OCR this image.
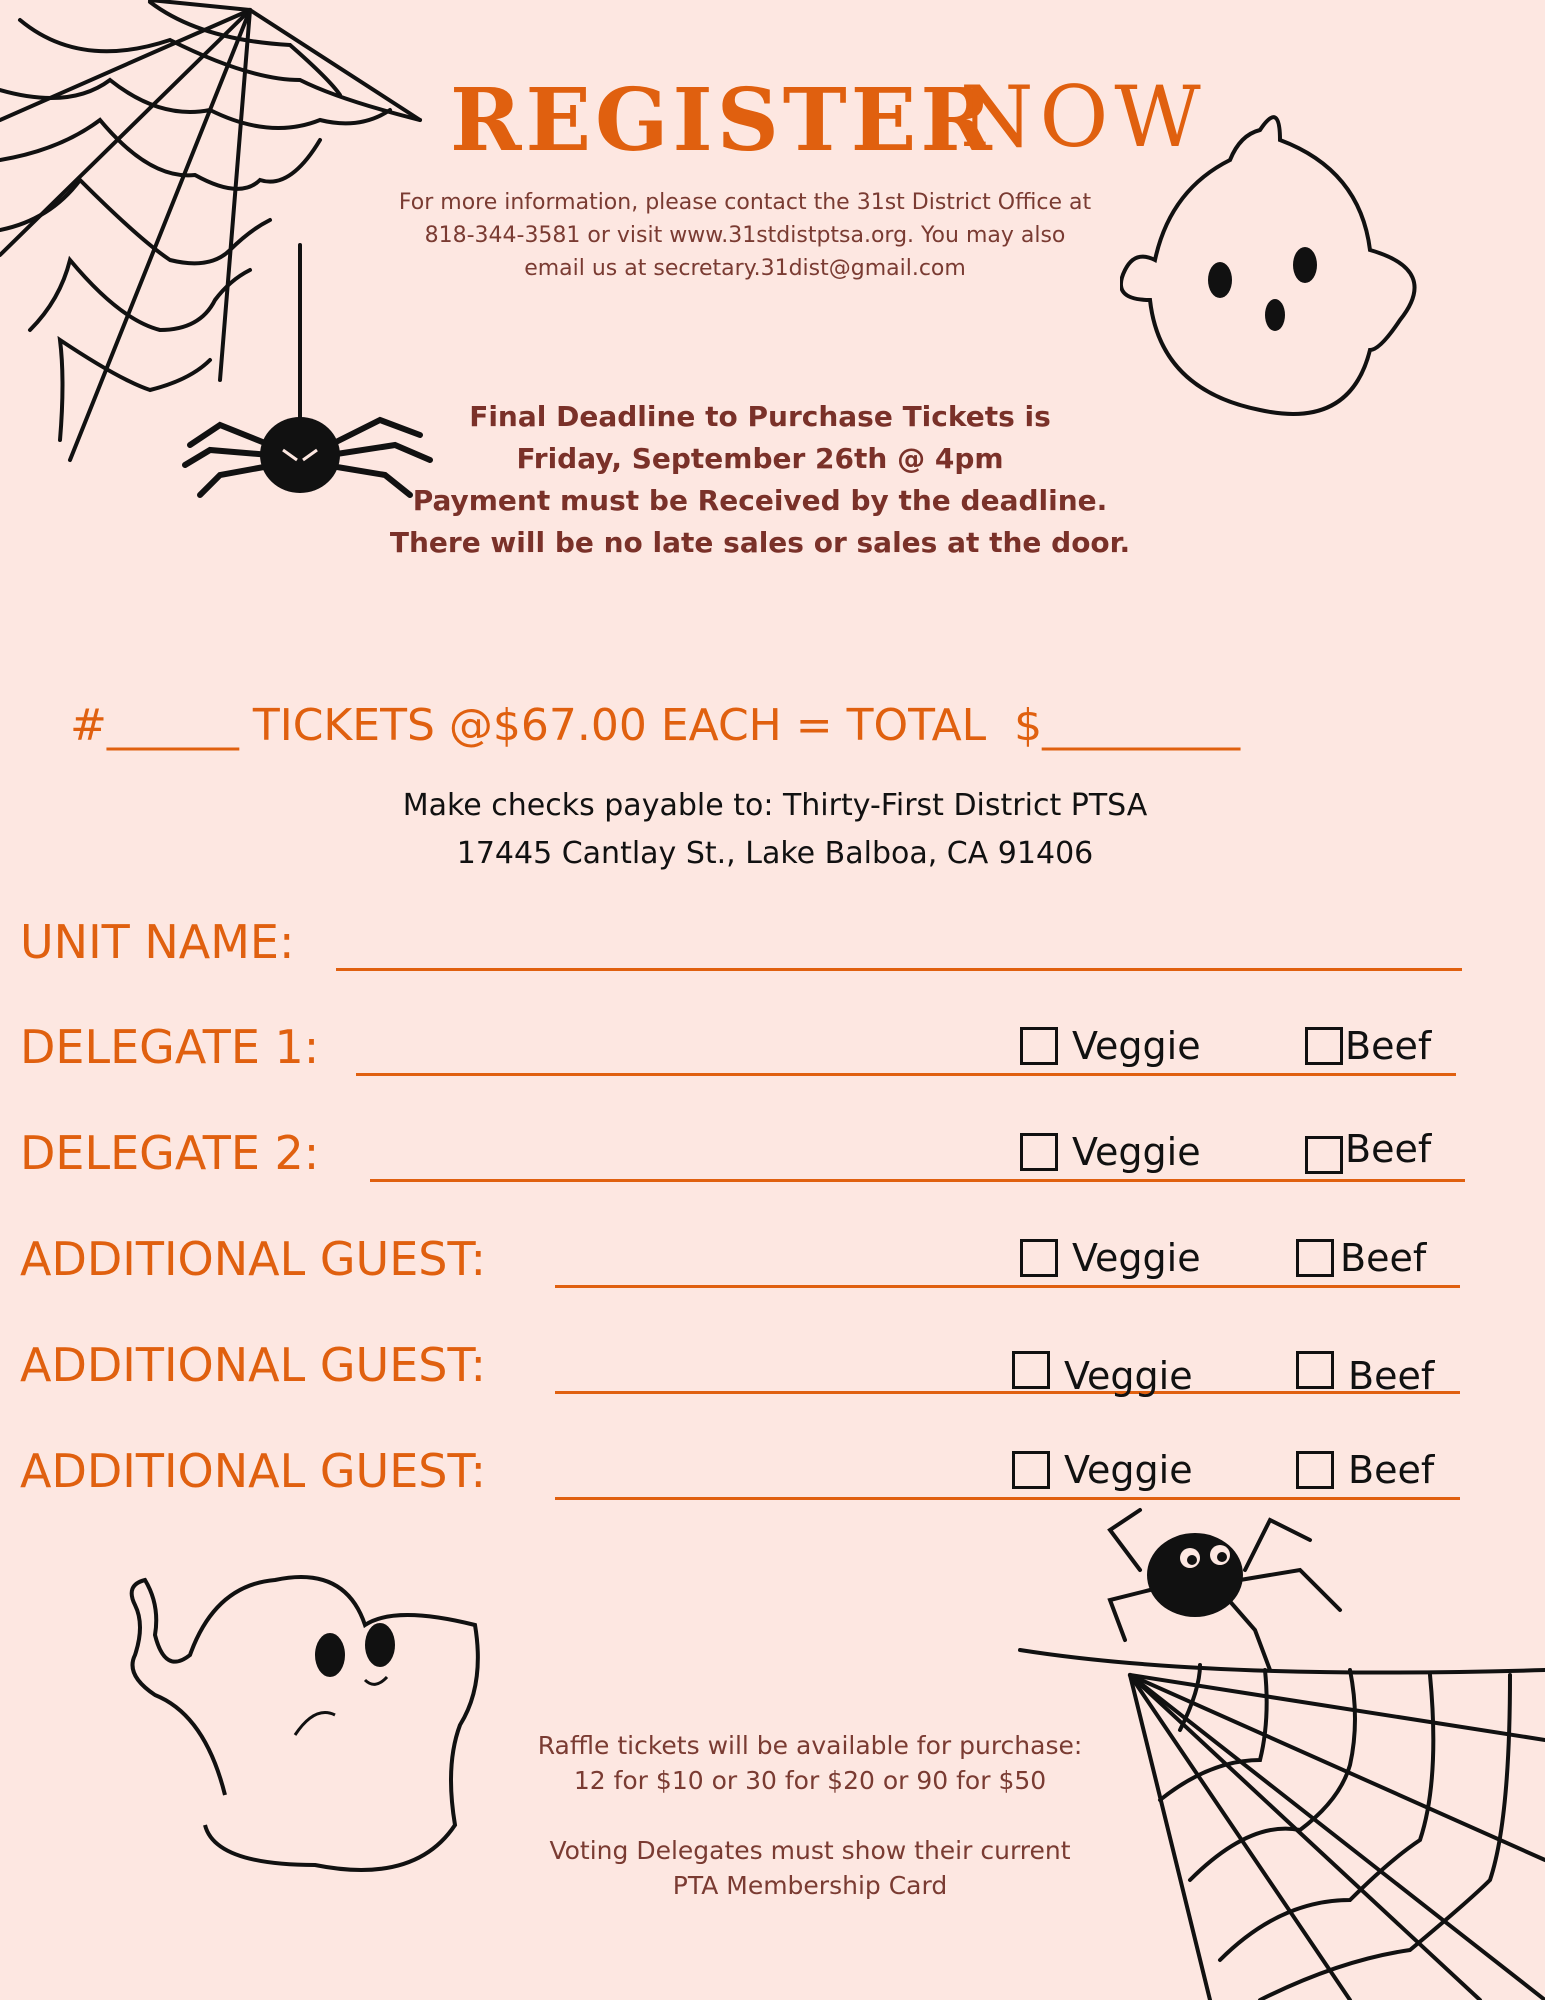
REGISTER
NOW
For more information, please contact the 31st District Office at
818-344-3581 or visit www.31stdistptsa.org. You may also
email us at secretary.31dist@gmail.com
Final Deadline to Purchase Tickets is
Friday, September 26th @ 4pm
Payment must be Received by the deadline.
There will be no late sales or sales at the door.
#______ TICKETS @$67.00 EACH = TOTAL  $_________
Make checks payable to: Thirty-First District PTSA
17445 Cantlay St., Lake Balboa, CA 91406
UNIT NAME:
DELEGATE 1:	Veggie	Beef
DELEGATE 2:	Veggie	Beef
ADDITIONAL GUEST:	Veggie	Beef
ADDITIONAL GUEST:	Veggie	Beef
ADDITIONAL GUEST:	Veggie	Beef
Raffle tickets will be available for purchase:
12 for $10 or 30 for $20 or 90 for $50
Voting Delegates must show their current
PTA Membership Card
